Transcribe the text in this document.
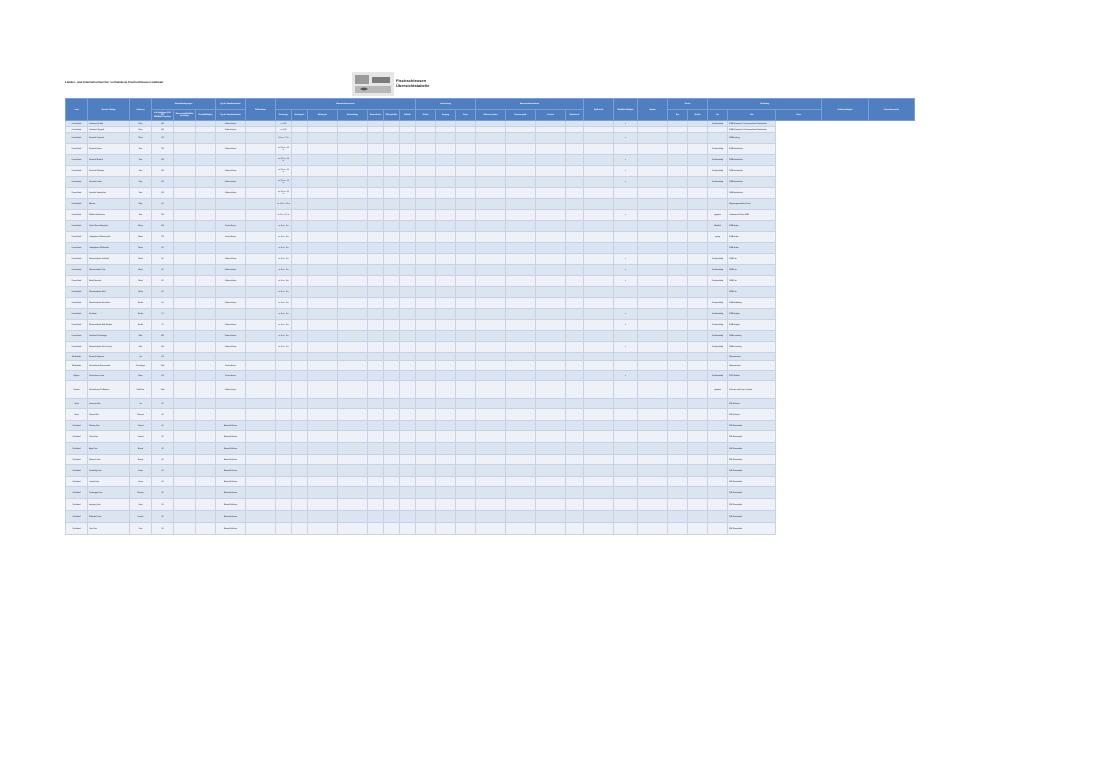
Länder- und Internetrecherche: vorhandene Fischschleusen weltweit	Fischschleusen
Übersichtstabelle
Land	Standort / Anlage	Gewässer	Standortbedingungen			Typ der Standortsituation	Zielfischarten	Bauwerksdimensionen							Leitströmung			Bauwerksinformationen				Spülbetrieb	Mobilitäts-Fähigkeit	Baujahr	Kosten		Monitoring			Funktionsfähigkeit	Informationsquelle
			Info Hydrologie (HW, MW, NW)/Abflussspektren	Wasserstand/Fallhöhe der Anlage	Fischfallfähigkeit	Typ der Standortsituation		Fischtreppe	Aufstiegstür	Abstiegstor	Kammerlänge	Kammerbreite	Öffnungshöhe	Fallhöhe	Einlauf	Ausgang	Dauer	Schleusen-zyklus	Kammer-größe	Zustand	Betriebszeit				Bau	Betrieb	Art	Jahr	Dauer		
Deutschland	Gutenbach (Fulda)	Main	300			Stufenschleuse		ca. 3,60															x				Funktionsfähig	WSA Schweinfurt / Fischereiverband Unterfranken			
Deutschland	Gutenbach (Doppel)	Main	300			Stufenschleuse		ca. 3,60																				WSA Schweinfurt / Fischereiverband Unterfranken			
Deutschland	Staustufe Grenzach	Rhein	120					6,5 m × 7,7 m															x					WSA Freiburg			
Deutschland	Staustufe Hemau	Saar	190			Stufenschleuse		ca. 8,5 m × 4,5 m																			Funktionsfähig	WSA Saarbrücken			
Deutschland	Staustufe Mettlach	Saar	130					ca. 8,5 m × 4,5 m															x				Funktionsfähig	WSA Saarbrücken			
Deutschland	Staustufe Rehlingen	Saar	130			Stufenschleuse		ca. 8,5 m × 4,5 m															x				Funktionsfähig	WSA Saarbrücken			
Deutschland	Staustufe Lisdorf	Saar	130			Stufenschleuse		ca. 8,5 m × 4,5 m															x				Funktionsfähig	WSA Saarbrücken			
Deutschland	Staustufe Saarbrücken	Saar	130			Stufenschleuse		ca. 8,5 m × 4,5 m																				WSA Saarbrücken			
Deutschland	Edersee	Eder	40					ca. 16 m × 4,5 m																				Regierungspräsidium Kassel			
Deutschland	Walfahrt Gelterzheim	Ems	130					ca. 8 m × 3,5 m															x				gegeben	Landesamt für Natur NRW			
Deutschland	Untere Weser-Staustufen	Weser	300			Fischschleuse		ca. 8 m × 4 m																			Mittellauf	WSA Verden			
Deutschland	Ludwigsbrunn-Wasserstraße	Weser	120			Fischschleuse		ca. 8 m × 4 m																			gering	WSA Verden			
Deutschland	Ludwigsbrunn Mühlenwehr	Weser	60					ca. 8 m × 4 m																				WSA Verden			
Deutschland	Wasserkraftwerk Dettmold	Mosel	60			Stufenschleuse		ca. 8 m × 4 m															x				Funktionsfähig	WSA Trier			
Deutschland	Wasserkraftwerk Trier	Mosel	60			Stufenschleuse		ca. 8 m × 4 m															x				Funktionsfähig	WSA Trier			
Deutschland	Mosel-Staustufe	Mosel	60			Stufenschleuse		ca. 8 m × 4 m															x				Funktionsfähig	WSA Trier			
Deutschland	Wasserkraftwerk Neef	Mosel	60					ca. 8 m × 4 m																				WSA Trier			
Deutschland	Wasserkraftwerk Hirschhorn	Neckar	60			Stufenschleuse		ca. 8 m × 4 m																			Funktionsfähig	WSA Heidelberg			
Deutschland	Kirchheim	Neckar	70					ca. 8 m × 4 m															x				Funktionsfähig	WSA Stuttgart			
Deutschland	Wasserkraftwerk Bad Wimpfen	Neckar	70			Stufenschleuse		ca. 8 m × 4 m															x				Funktionsfähig	WSA Stuttgart			
Deutschland	Geesthacht Fischtreppe	Elbe	300			Stufenschleuse		ca. 8 m × 4 m																			Funktionsfähig	WSA Lauenburg			
Deutschland	Wasserkraftwerk Neu Darchau	Elbe	100			Stufenschleuse		ca. 8 m × 4 m															x				Funktionsfähig	WSA Lauenburg			
Niederlande	Staustufe Hagestein	Lek	120																									Rijkswaterstaat			
Niederlande	Fischschleuse Brouwersdam	Grevelingen	Tidal			Fischschleuse																						Rijkswaterstaat			
Belgien	Fischschleuse Lixhe	Maas	120			Fischschleuse																	x				Funktionsfähig	SPW Wallonie			
Kanada	Fischschleuse St. Andrews	Red River	Tidal			Stufenschleuse																					gegeben	Fisheries and Oceans Canada			
Irland	Inniscarra Dam	Lee	30																									ESB Fisheries			
Irland	Parteen Weir	Shannon	30																									ESB Fisheries			
Schottland	Pitlochry Dam	Tummel	30			Borland-Schleuse																						SSE Renewables			
Schottland	Clunie Dam	Tummel	30			Borland-Schleuse																						SSE Renewables			
Schottland	Aigas Dam	Beauly	30			Borland-Schleuse																						SSE Renewables			
Schottland	Kilmorack Dam	Beauly	30			Borland-Schleuse																						SSE Renewables			
Schottland	Torr Achilty Dam	Conon	30			Borland-Schleuse																						SSE Renewables			
Schottland	Luichart Dam	Conon	30			Borland-Schleuse																						SSE Renewables			
Schottland	Dundreggan Dam	Moriston	30			Borland-Schleuse																						SSE Renewables			
Schottland	Invergarry Dam	Garry	30			Borland-Schleuse																						SSE Renewables			
Schottland	Mullardoch Dam	Cannich	30			Borland-Schleuse																						SSE Renewables			
Schottland	Orrin Dam	Orrin	30			Borland-Schleuse																						SSE Renewables			
